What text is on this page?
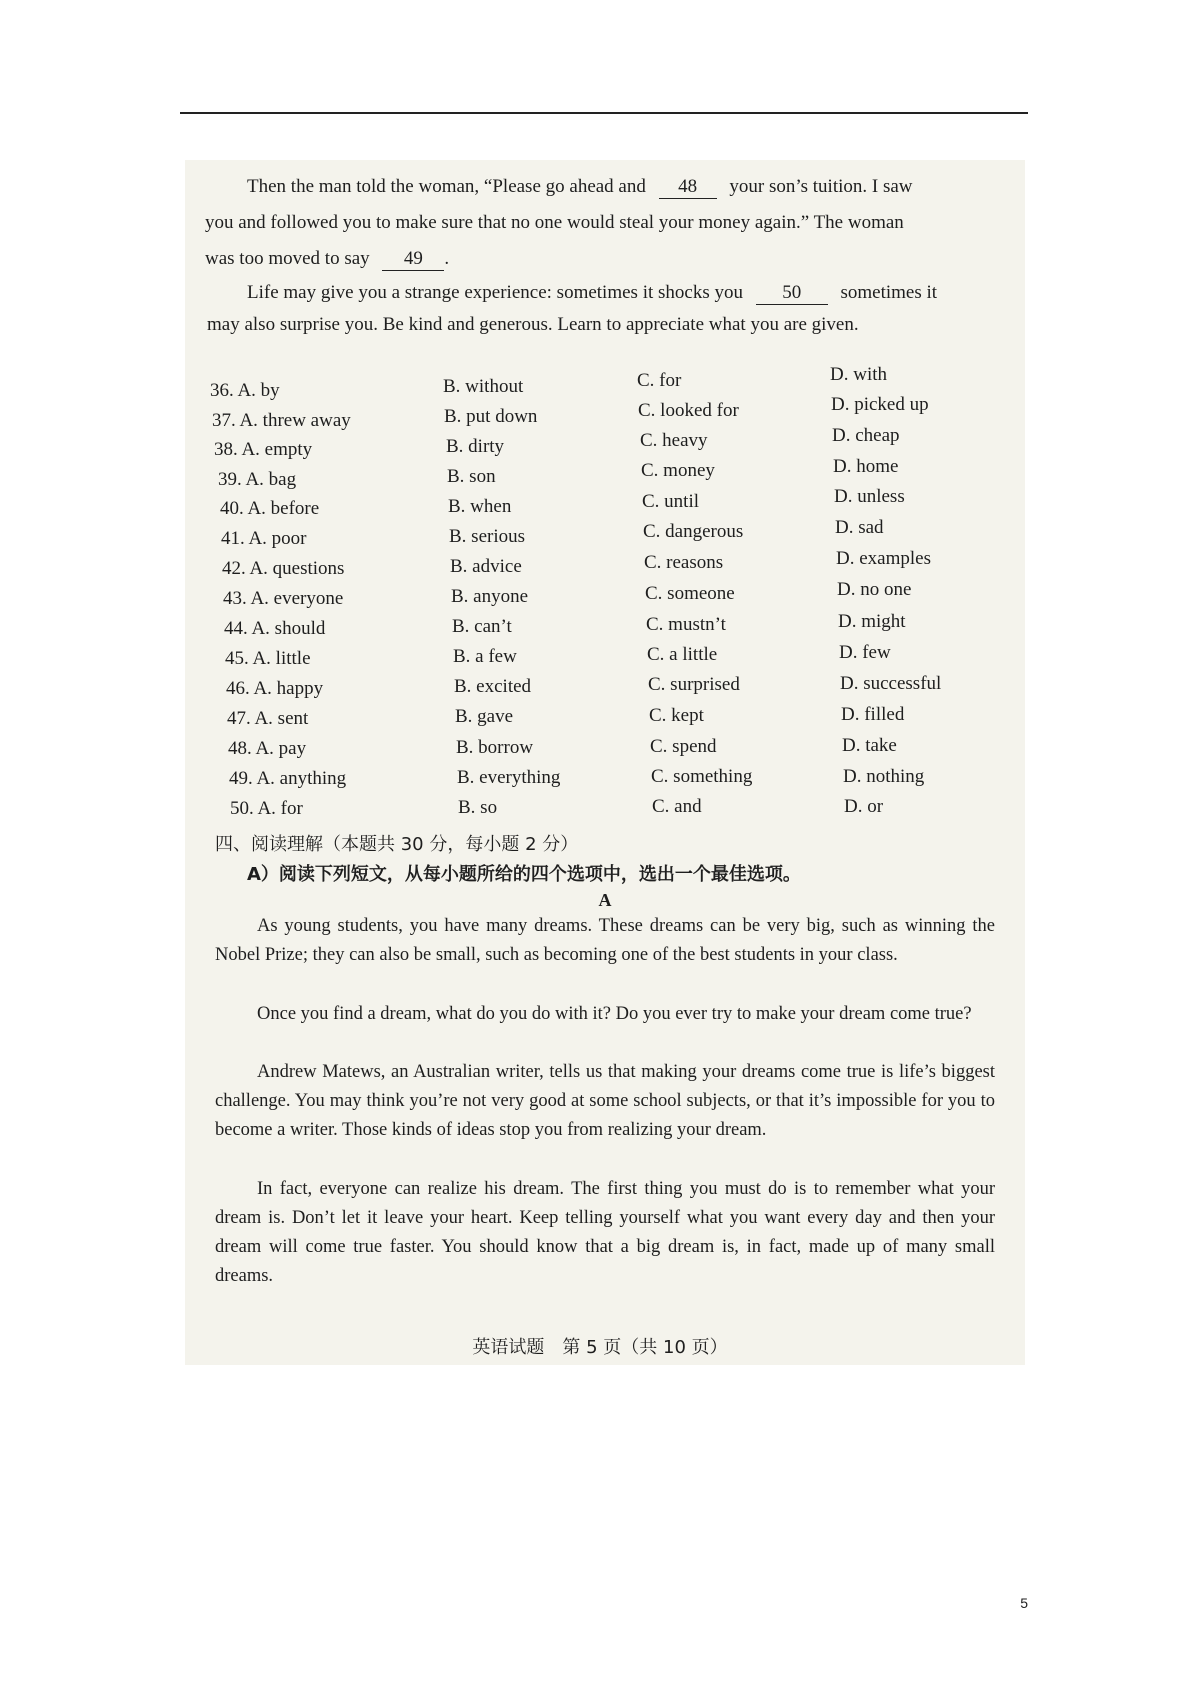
Then the man told the woman, “Please go ahead and 48 your son’s tuition. I saw
you and followed you to make sure that no one would steal your money again.” The woman
was too moved to say 49 .
Life may give you a strange experience: sometimes it shocks you 50 sometimes it
may also surprise you. Be kind and generous. Learn to appreciate what you are given.
36. A. by	B. without	C. for	D. with
37. A. threw away	B. put down	C. looked for	D. picked up
38. A. empty	B. dirty	C. heavy	D. cheap
39. A. bag	B. son	C. money	D. home
40. A. before	B. when	C. until	D. unless
41. A. poor	B. serious	C. dangerous	D. sad
42. A. questions	B. advice	C. reasons	D. examples
43. A. everyone	B. anyone	C. someone	D. no one
44. A. should	B. can’t	C. mustn’t	D. might
45. A. little	B. a few	C. a little	D. few
46. A. happy	B. excited	C. surprised	D. successful
47. A. sent	B. gave	C. kept	D. filled
48. A. pay	B. borrow	C. spend	D. take
49. A. anything	B. everything	C. something	D. nothing
50. A. for	B. so	C. and	D. or
四、阅读理解（本题共 30 分，每小题 2 分）
A）阅读下列短文，从每小题所给的四个选项中，选出一个最佳选项。
A

As young students, you have many dreams. These dreams can be very big, such as winning the Nobel Prize; they can also be small, such as becoming one of the best students in your class.

Once you find a dream, what do you do with it? Do you ever try to make your dream come true?

Andrew Matews, an Australian writer, tells us that making your dreams come true is life’s biggest challenge. You may think you’re not very good at some school subjects, or that it’s impossible for you to become a writer. Those kinds of ideas stop you from realizing your dream.

In fact, everyone can realize his dream. The first thing you must do is to remember what your dream is. Don’t let it leave your heart. Keep telling yourself what you want every day and then your dream will come true faster. You should know that a big dream is, in fact, made up of many small dreams.

英语试题　第 5 页（共 10 页）
5
